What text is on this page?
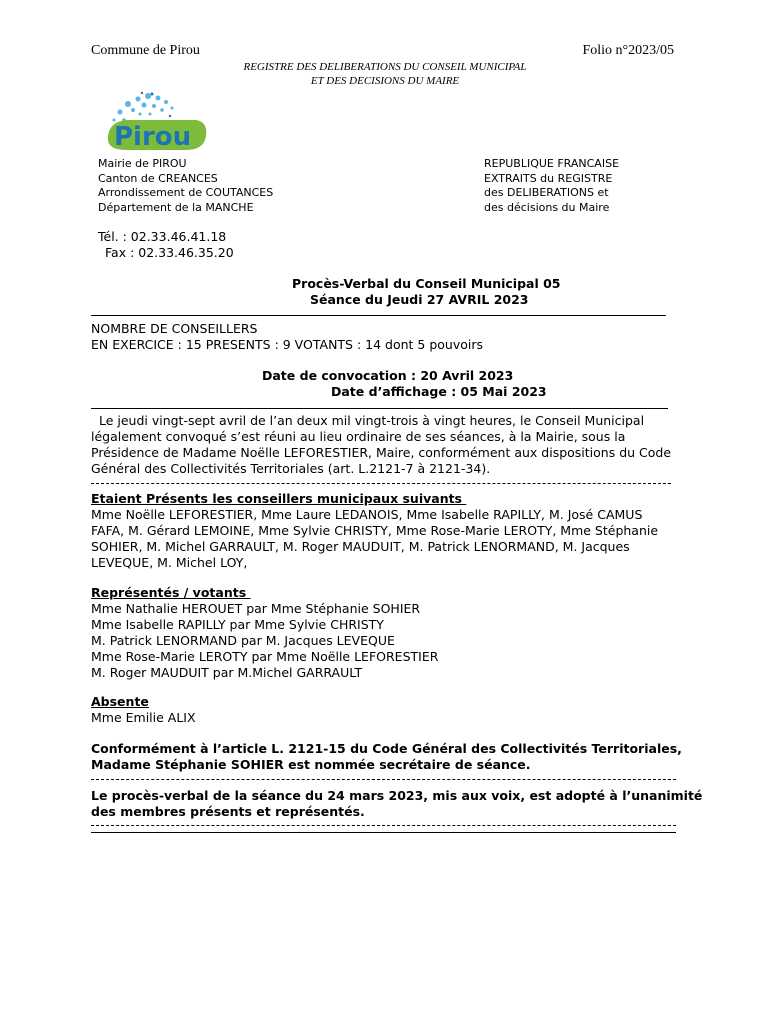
Commune de Pirou	Folio n°2023/05
REGISTRE DES DELIBERATIONS DU CONSEIL MUNICIPAL
ET DES DECISIONS DU MAIRE
Pirou
Mairie de PIROU
Canton de CREANCES
Arrondissement de COUTANCES
Département de la MANCHE
REPUBLIQUE FRANCAISE
EXTRAITS du REGISTRE
des DELIBERATIONS et
des décisions du Maire
Tél. : 02.33.46.41.18
Fax : 02.33.46.35.20
Procès-Verbal du Conseil Municipal 05
Séance du Jeudi 27 AVRIL 2023
NOMBRE DE CONSEILLERS
EN EXERCICE : 15 PRESENTS : 9 VOTANTS : 14 dont 5 pouvoirs
Date de convocation : 20 Avril 2023
Date d’affichage : 05 Mai 2023
Le jeudi vingt-sept avril de l’an deux mil vingt-trois à vingt heures, le Conseil Municipal
légalement convoqué s’est réuni au lieu ordinaire de ses séances, à la Mairie, sous la
Présidence de Madame Noëlle LEFORESTIER, Maire, conformément aux dispositions du Code
Général des Collectivités Territoriales (art. L.2121-7 à 2121-34).
Etaient Présents les conseillers municipaux suivants
Mme Noëlle LEFORESTIER, Mme Laure LEDANOIS, Mme Isabelle RAPILLY, M. José CAMUS
FAFA, M. Gérard LEMOINE, Mme Sylvie CHRISTY, Mme Rose-Marie LEROTY, Mme Stéphanie
SOHIER, M. Michel GARRAULT, M. Roger MAUDUIT, M. Patrick LENORMAND, M. Jacques
LEVEQUE, M. Michel LOY,
Représentés / votants
Mme Nathalie HEROUET par Mme Stéphanie SOHIER
Mme Isabelle RAPILLY par Mme Sylvie CHRISTY
M. Patrick LENORMAND par M. Jacques LEVEQUE
Mme Rose-Marie LEROTY par Mme Noëlle LEFORESTIER
M. Roger MAUDUIT par M.Michel GARRAULT
Absente
Mme Emilie ALIX
Conformément à l’article L. 2121-15 du Code Général des Collectivités Territoriales,
Madame Stéphanie SOHIER est nommée secrétaire de séance.
Le procès-verbal de la séance du 24 mars 2023, mis aux voix, est adopté à l’unanimité
des membres présents et représentés.
